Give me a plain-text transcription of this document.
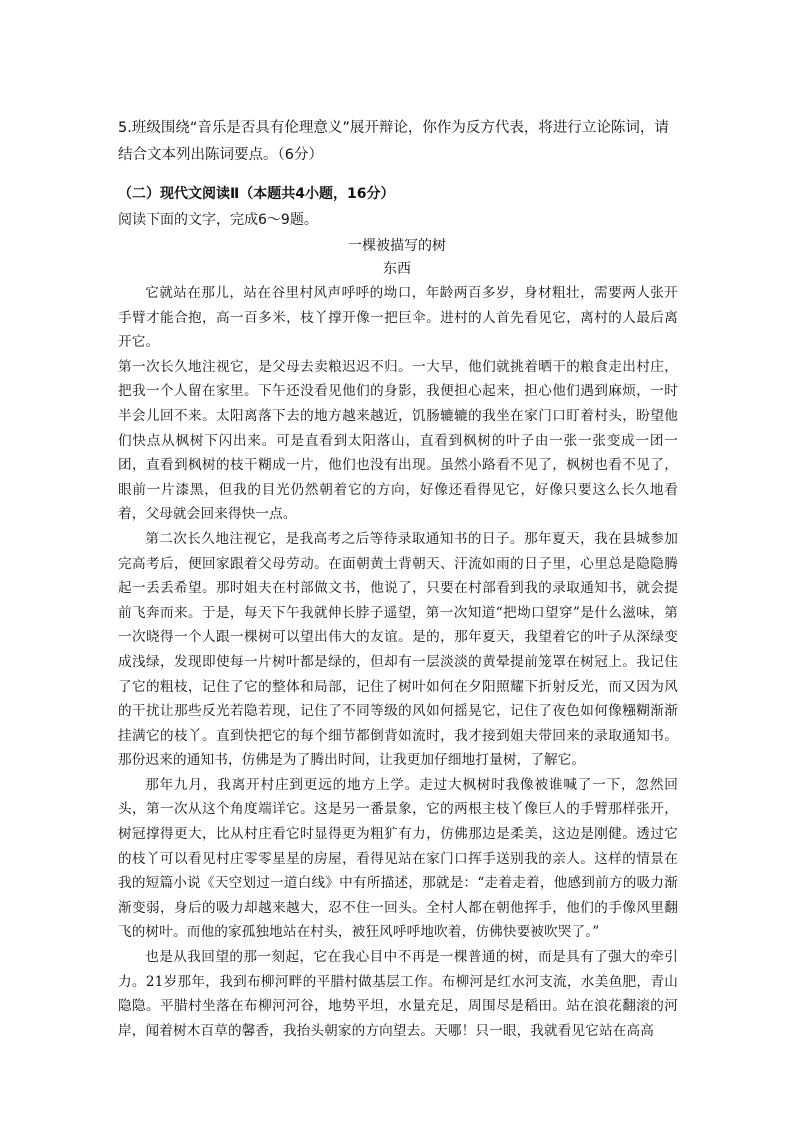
5.班级围绕“音乐是否具有伦理意义”展开辩论，你作为反方代表，将进行立论陈词，请结合文本列出陈词要点。（6分）

（二）现代文阅读Ⅱ（本题共4小题，16分）

阅读下面的文字，完成6～9题。

一棵被描写的树

东西

它就站在那儿，站在谷里村风声呼呼的坳口，年龄两百多岁，身材粗壮，需要两人张开手臂才能合抱，高一百多米，枝丫撑开像一把巨伞。进村的人首先看见它，离村的人最后离开它。

第一次长久地注视它，是父母去卖粮迟迟不归。一大早，他们就挑着晒干的粮食走出村庄，把我一个人留在家里。下午还没看见他们的身影，我便担心起来，担心他们遇到麻烦，一时半会儿回不来。太阳离落下去的地方越来越近，饥肠辘辘的我坐在家门口盯着村头，盼望他们快点从枫树下闪出来。可是直看到太阳落山，直看到枫树的叶子由一张一张变成一团一团，直看到枫树的枝干糊成一片，他们也没有出现。虽然小路看不见了，枫树也看不见了，眼前一片漆黑，但我的目光仍然朝着它的方向，好像还看得见它，好像只要这么长久地看着，父母就会回来得快一点。

第二次长久地注视它，是我高考之后等待录取通知书的日子。那年夏天，我在县城参加完高考后，便回家跟着父母劳动。在面朝黄土背朝天、汗流如雨的日子里，心里总是隐隐腾起一丢丢希望。那时姐夫在村部做文书，他说了，只要在村部看到我的录取通知书，就会提前飞奔而来。于是，每天下午我就伸长脖子遥望，第一次知道“把坳口望穿”是什么滋味，第一次晓得一个人跟一棵树可以望出伟大的友谊。是的，那年夏天，我望着它的叶子从深绿变成浅绿，发现即使每一片树叶都是绿的，但却有一层淡淡的黄晕提前笼罩在树冠上。我记住了它的粗枝，记住了它的整体和局部，记住了树叶如何在夕阳照耀下折射反光，而又因为风的干扰让那些反光若隐若现，记住了不同等级的风如何摇晃它，记住了夜色如何像糨糊渐渐挂满它的枝丫。直到快把它的每个细节都倒背如流时，我才接到姐夫带回来的录取通知书。那份迟来的通知书，仿佛是为了腾出时间，让我更加仔细地打量树，了解它。

那年九月，我离开村庄到更远的地方上学。走过大枫树时我像被谁喊了一下，忽然回头，第一次从这个角度端详它。这是另一番景象，它的两根主枝丫像巨人的手臂那样张开，树冠撑得更大，比从村庄看它时显得更为粗犷有力，仿佛那边是柔美，这边是刚健。透过它的枝丫可以看见村庄零零星星的房屋，看得见站在家门口挥手送别我的亲人。这样的情景在我的短篇小说《天空划过一道白线》中有所描述，那就是：“走着走着，他感到前方的吸力渐渐变弱，身后的吸力却越来越大，忍不住一回头。全村人都在朝他挥手，他们的手像风里翻飞的树叶。而他的家孤独地站在村头，被狂风呼呼地吹着，仿佛快要被吹哭了。”

也是从我回望的那一刻起，它在我心目中不再是一棵普通的树，而是具有了强大的牵引力。21岁那年，我到布柳河畔的平腊村做基层工作。布柳河是红水河支流，水美鱼肥，青山隐隐。平腊村坐落在布柳河河谷，地势平坦，水量充足，周围尽是稻田。站在浪花翻滚的河岸，闻着树木百草的馨香，我抬头朝家的方向望去。天哪！只一眼，我就看见它站在高高
